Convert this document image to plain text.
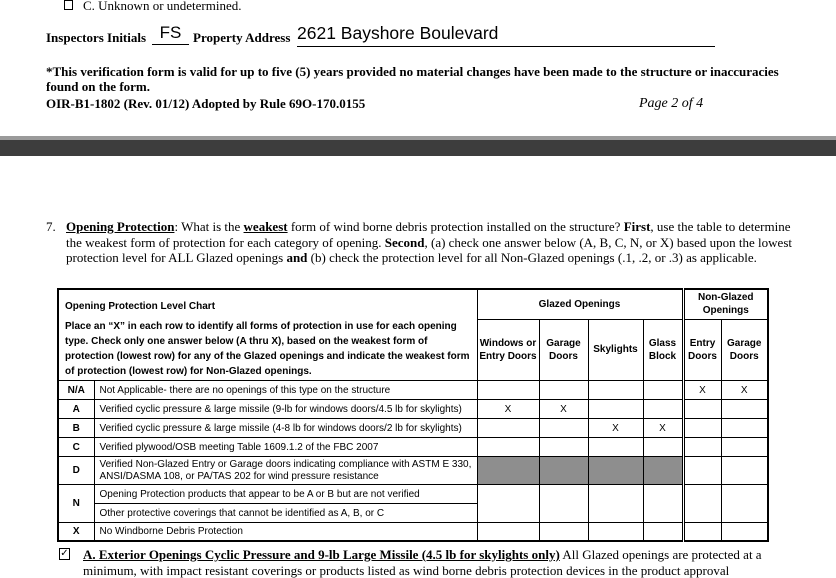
C. Unknown or undetermined.
Inspectors Initials FS Property Address 2621 Bayshore Boulevard
*This verification form is valid for up to five (5) years provided no material changes have been made to the structure or inaccuracies found on the form.
OIR-B1-1802 (Rev. 01/12) Adopted by Rule 69O-170.0155	Page 2 of 4
7. Opening Protection: What is the weakest form of wind borne debris protection installed on the structure? First, use the table to determine the weakest form of protection for each category of opening. Second, (a) check one answer below (A, B, C, N, or X) based upon the lowest protection level for ALL Glazed openings and (b) check the protection level for all Non-Glazed openings (.1, .2, or .3) as applicable.
Opening Protection Level Chart		Glazed Openings				Non-Glazed Openings	
Place an “X” in each row to identify all forms of protection in use for each opening type. Check only one answer below (A thru X), based on the weakest form of protection (lowest row) for any of the Glazed openings and indicate the weakest form of protection (lowest row) for Non-Glazed openings.		Windows or Entry Doors	Garage Doors	Skylights	Glass Block	Entry Doors	Garage Doors
N/A	Not Applicable- there are no openings of this type on the structure					X	X
A	Verified cyclic pressure & large missile (9-lb for windows doors/4.5 lb for skylights)	X	X				
B	Verified cyclic pressure & large missile (4-8 lb for windows doors/2 lb for skylights)			X	X		
C	Verified plywood/OSB meeting Table 1609.1.2 of the FBC 2007						
D	Verified Non-Glazed Entry or Garage doors indicating compliance with ASTM E 330, ANSI/DASMA 108, or PA/TAS 202 for wind pressure resistance						
N	Opening Protection products that appear to be A or B but are not verified						
	Other protective coverings that cannot be identified as A, B, or C						
X	No Windborne Debris Protection						
✓ A. Exterior Openings Cyclic Pressure and 9-lb Large Missile (4.5 lb for skylights only) All Glazed openings are protected at a minimum, with impact resistant coverings or products listed as wind borne debris protection devices in the product approval
